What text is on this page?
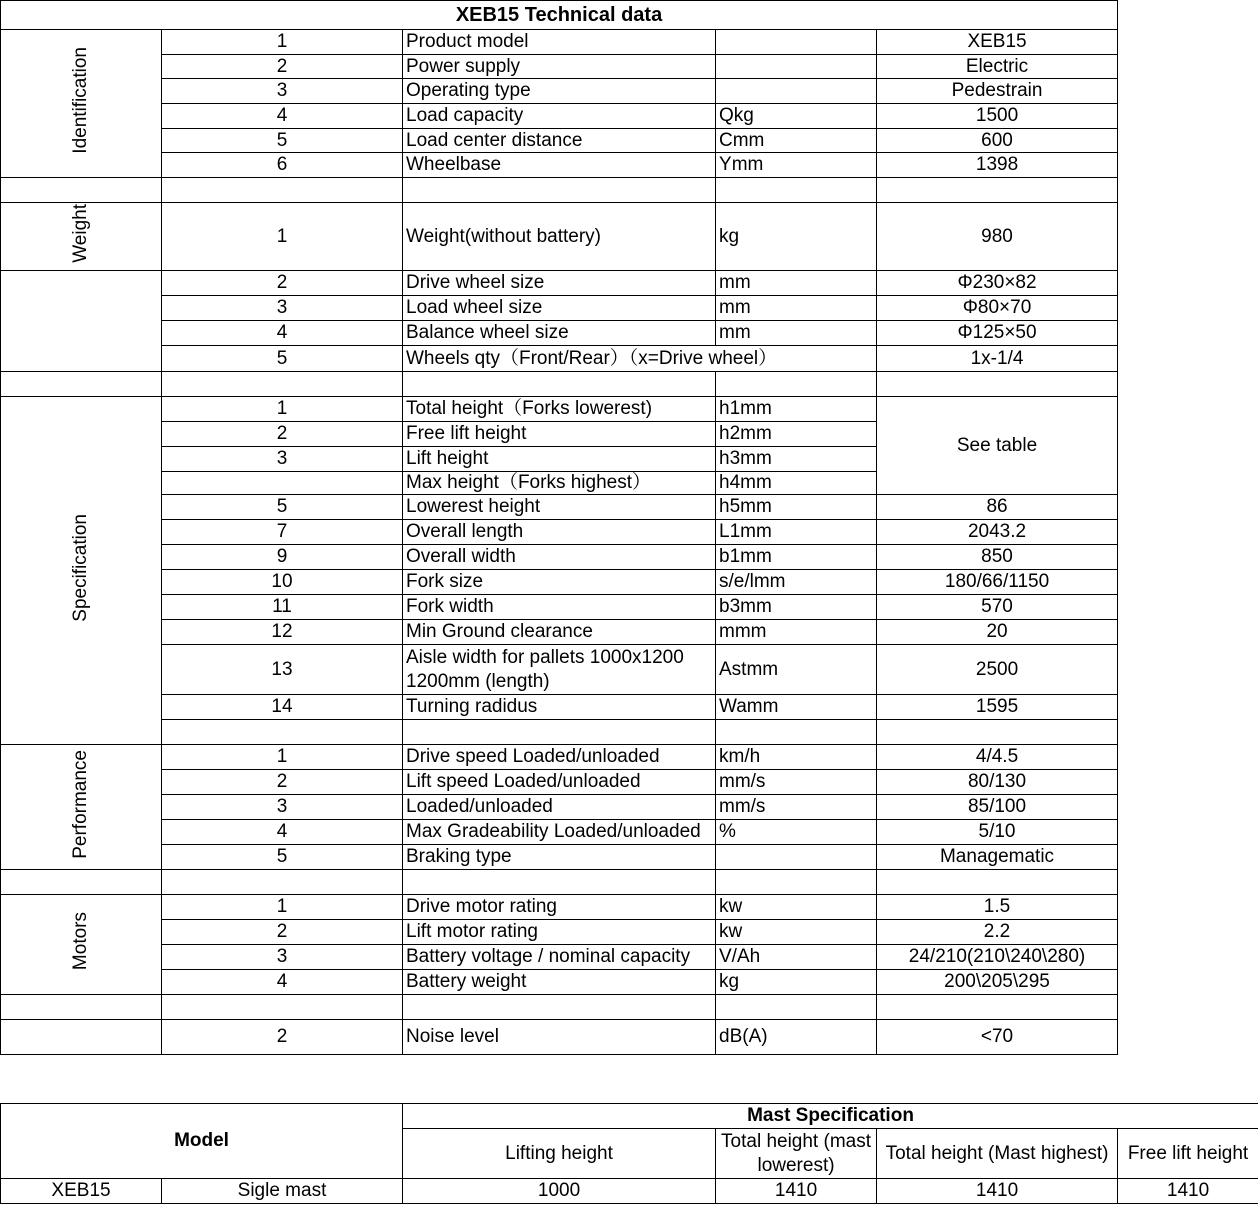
XEB15 Technical data				
Identification	1	Product model		XEB15
	2	Power supply		Electric
	3	Operating type		Pedestrain
	4	Load capacity	Qkg	1500
	5	Load center distance	Cmm	600
	6	Wheelbase	Ymm	1398

Weight	1	Weight(without battery)	kg	980
	2	Drive wheel size	mm	Φ230×82
	3	Load wheel size	mm	Φ80×70
	4	Balance wheel size	mm	Φ125×50
	5	Wheels qty（Front/Rear）（x=Drive wheel）		1x-1/4

Specification	1	Total height（Forks lowerest)	h1mm	See table
	2	Free lift height	h2mm	
	3	Lift height	h3mm	
		Max height（Forks highest）	h4mm	
	5	Lowerest height	h5mm	86
	7	Overall length	L1mm	2043.2
	9	Overall width	b1mm	850
	10	Fork size	s/e/lmm	180/66/1150
	11	Fork width	b3mm	570
	12	Min Ground clearance	mmm	20
	13	Aisle width for pallets 1000x1200 1200mm (length)	Astmm	2500
	14	Turning radidus	Wamm	1595

Performance	1	Drive speed Loaded/unloaded	km/h	4/4.5
	2	Lift speed Loaded/unloaded	mm/s	80/130
	3	Loaded/unloaded	mm/s	85/100
	4	Max Gradeability Loaded/unloaded	%	5/10
	5	Braking type		Managematic

Motors	1	Drive motor rating	kw	1.5
	2	Lift motor rating	kw	2.2
	3	Battery voltage / nominal capacity	V/Ah	24/210(210\240\280)
	4	Battery weight	kg	200\205\295

	2	Noise level	dB(A)	<70
Model		Mast Specification			
		Lifting height	Total height (mast lowerest)	Total height (Mast highest)	Free lift height
XEB15	Sigle mast	1000	1410	1410	1410
